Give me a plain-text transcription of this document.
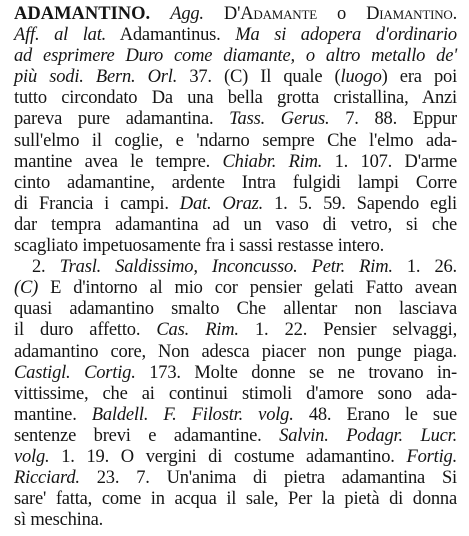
ADAMANTINO. Agg. D'Adamante o Diamantino.
Aff. al lat. Adamantinus. Ma si adopera d'ordinario
ad esprimere Duro come diamante, o altro metallo de'
più sodi. Bern. Orl. 37. (C) Il quale (luogo) era poi
tutto circondato Da una bella grotta cristallina, Anzi
pareva pure adamantina. Tass. Gerus. 7. 88. Eppur
sull'elmo il coglie, e 'ndarno sempre Che l'elmo ada-
mantine avea le tempre. Chiabr. Rim. 1. 107. D'arme
cinto adamantine, ardente Intra fulgidi lampi Corre
di Francia i campi. Dat. Oraz. 1. 5. 59. Sapendo egli
dar tempra adamantina ad un vaso di vetro, si che
scagliato impetuosamente fra i sassi restasse intero.
2. Trasl. Saldissimo, Inconcusso. Petr. Rim. 1. 26.
(C) E d'intorno al mio cor pensier gelati Fatto avean
quasi adamantino smalto Che allentar non lasciava
il duro affetto. Cas. Rim. 1. 22. Pensier selvaggi,
adamantino core, Non adesca piacer non punge piaga.
Castigl. Cortig. 173. Molte donne se ne trovano in-
vittissime, che ai continui stimoli d'amore sono ada-
mantine. Baldell. F. Filostr. volg. 48. Erano le sue
sentenze brevi e adamantine. Salvin. Podagr. Lucr.
volg. 1. 19. O vergini di costume adamantino. Fortig.
Ricciard. 23. 7. Un'anima di pietra adamantina Si
sare' fatta, come in acqua il sale, Per la pietà di donna
sì meschina.
